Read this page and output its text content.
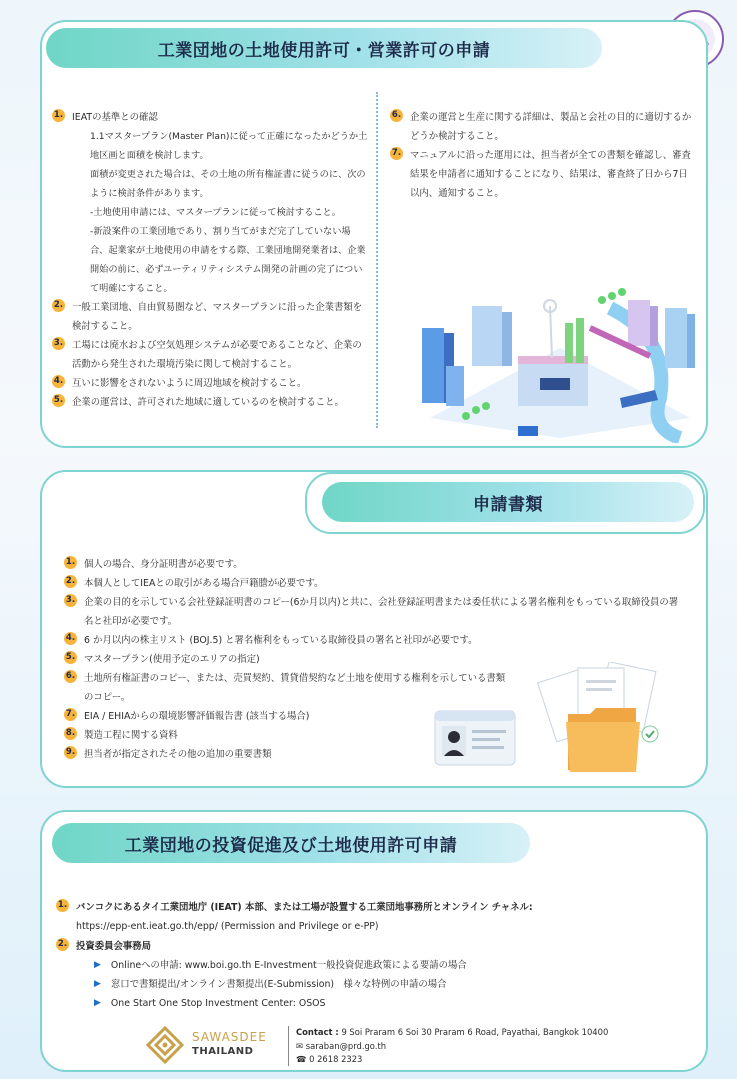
工業団地の土地使用許可・営業許可の申請
1. IEATの基準との確認
1.1マスタープラン(Master Plan)に従って正確になったかどうか土地区画と面積を検討します。
面積が変更された場合は、その土地の所有権証書に従うのに、次のように検討条件があります。
-土地使用申請には、マスタープランに従って検討すること。
-新設案件の工業団地であり、割り当てがまだ完了していない場合、起業家が土地使用の申請をする際、工業団地開発業者は、企業開始の前に、必ずユーティリティシステム開発の計画の完了について明確にすること。
2. 一般工業団地、自由貿易圏など、マスタープランに沿った企業書類を検討すること。
3. 工場には廃水および空気処理システムが必要であることなど、企業の活動から発生された環境汚染に関して検討すること。
4. 互いに影響をされないように周辺地域を検討すること。
5. 企業の運営は、許可された地域に適しているのを検討すること。
6. 企業の運営と生産に関する詳細は、製品と会社の目的に適切するかどうか検討すること。
7. マニュアルに沿った運用には、担当者が全ての書類を確認し、審査結果を申請者に通知することになり、結果は、審査終了日から7日以内、通知すること。
申請書類
1. 個人の場合、身分証明書が必要です。
2. 本個人としてIEAとの取引がある場合戸籍謄が必要です。
3. 企業の目的を示している会社登録証明書のコピー(6か月以内)と共に、会社登録証明書または委任状による署名権利をもっている取締役員の署名と社印が必要です。
4. 6 か月以内の株主リスト (BOJ.5) と署名権利をもっている取締役員の署名と社印が必要です。
5. マスタープラン(使用予定のエリアの指定)
6. 土地所有権証書のコピー、または、売買契約、賃貸借契約など土地を使用する権利を示している書類のコピー。
7. EIA / EHIAからの環境影響評価報告書 (該当する場合)
8. 製造工程に関する資料
9. 担当者が指定されたその他の追加の重要書類
工業団地の投資促進及び土地使用許可申請
1. バンコクにあるタイ工業団地庁 (IEAT) 本部、または工場が設置する工業団地事務所とオンライン チャネル:
https://epp-ent.ieat.go.th/epp/ (Permission and Privilege or e-PP)
2. 投資委員会事務局
▶ Onlineへの申請: www.boi.go.th E-Investment一般投資促進政策による要請の場合
▶ 窓口で書類提出/オンライン書類提出(E-Submission)　様々な特例の申請の場合
▶ One Start One Stop Investment Center: OSOS
SAWASDEE
THAILAND
Contact : 9 Soi Praram 6 Soi 30 Praram 6 Road, Payathai, Bangkok 10400
✉ saraban@prd.go.th
☎ 0 2618 2323
